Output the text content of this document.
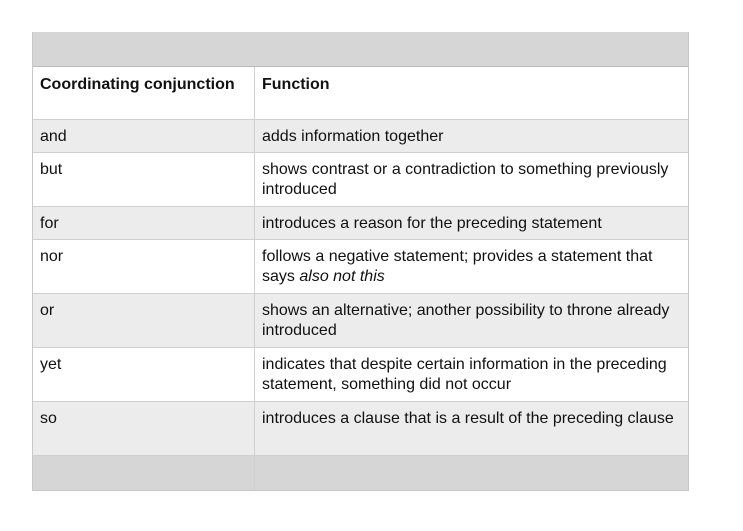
Coordinating conjunction	Function
and	adds information together
but	shows contrast or a contradiction to something previously introduced
for	introduces a reason for the preceding statement
nor	follows a negative statement; provides a statement that says also not this
or	shows an alternative; another possibility to throne already introduced
yet	indicates that despite certain information in the preceding statement, something did not occur
so	introduces a clause that is a result of the preceding clause
